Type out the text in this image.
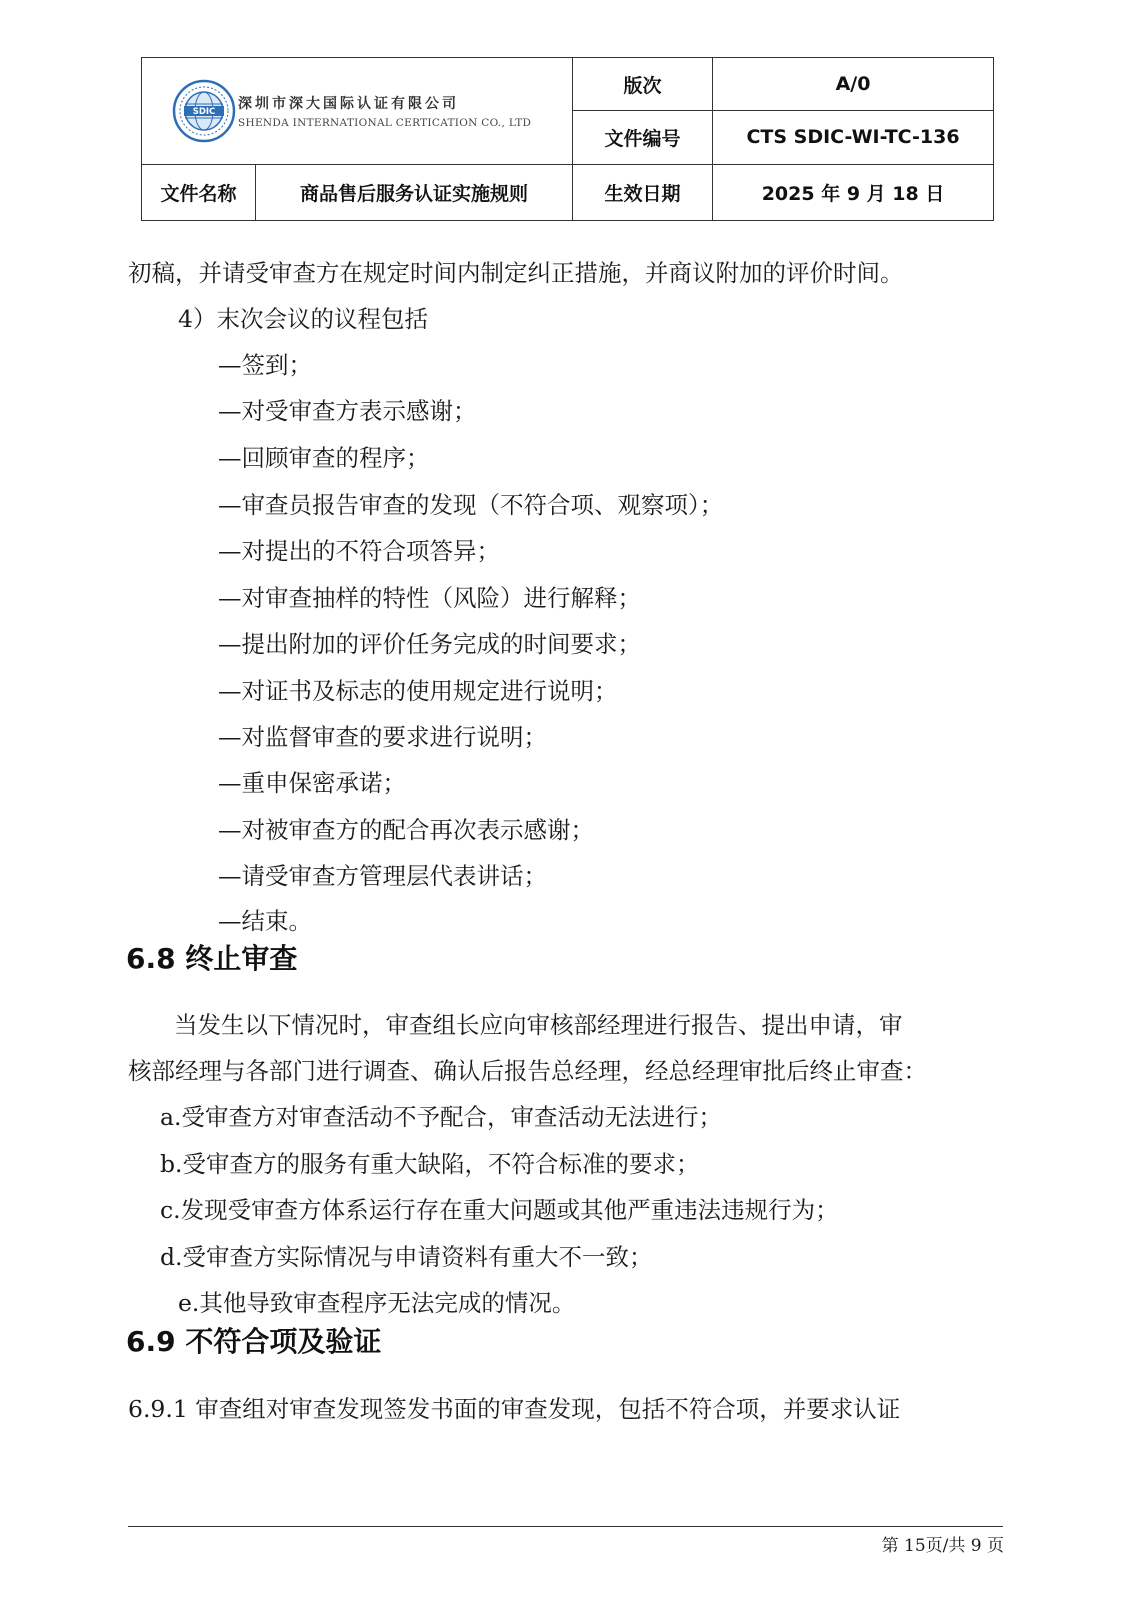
SDIC 深圳市深大国际认证有限公司
SHENDA INTERNATIONAL CERTICATION CO., LTD		版次	A/0
		文件编号	CTS SDIC-WI-TC-136
文件名称	商品售后服务认证实施规则	生效日期	2025 年 9 月 18 日
初稿，并请受审查方在规定时间内制定纠正措施，并商议附加的评价时间。
4）末次会议的议程包括
—签到；
—对受审查方表示感谢；
—回顾审查的程序；
—审查员报告审查的发现（不符合项、观察项）；
—对提出的不符合项答异；
—对审查抽样的特性（风险）进行解释；
—提出附加的评价任务完成的时间要求；
—对证书及标志的使用规定进行说明；
—对监督审查的要求进行说明；
—重申保密承诺；
—对被审查方的配合再次表示感谢；
—请受审查方管理层代表讲话；
—结束。
6.8 终止审查
当发生以下情况时，审查组长应向审核部经理进行报告、提出申请，审
核部经理与各部门进行调查、确认后报告总经理，经总经理审批后终止审查：
a.受审查方对审查活动不予配合，审查活动无法进行；
b.受审查方的服务有重大缺陷，不符合标准的要求；
c.发现受审查方体系运行存在重大问题或其他严重违法违规行为；
d.受审查方实际情况与申请资料有重大不一致；
e.其他导致审查程序无法完成的情况。
6.9 不符合项及验证
6.9.1 审查组对审查发现签发书面的审查发现，包括不符合项，并要求认证
第 15页/共 9 页
